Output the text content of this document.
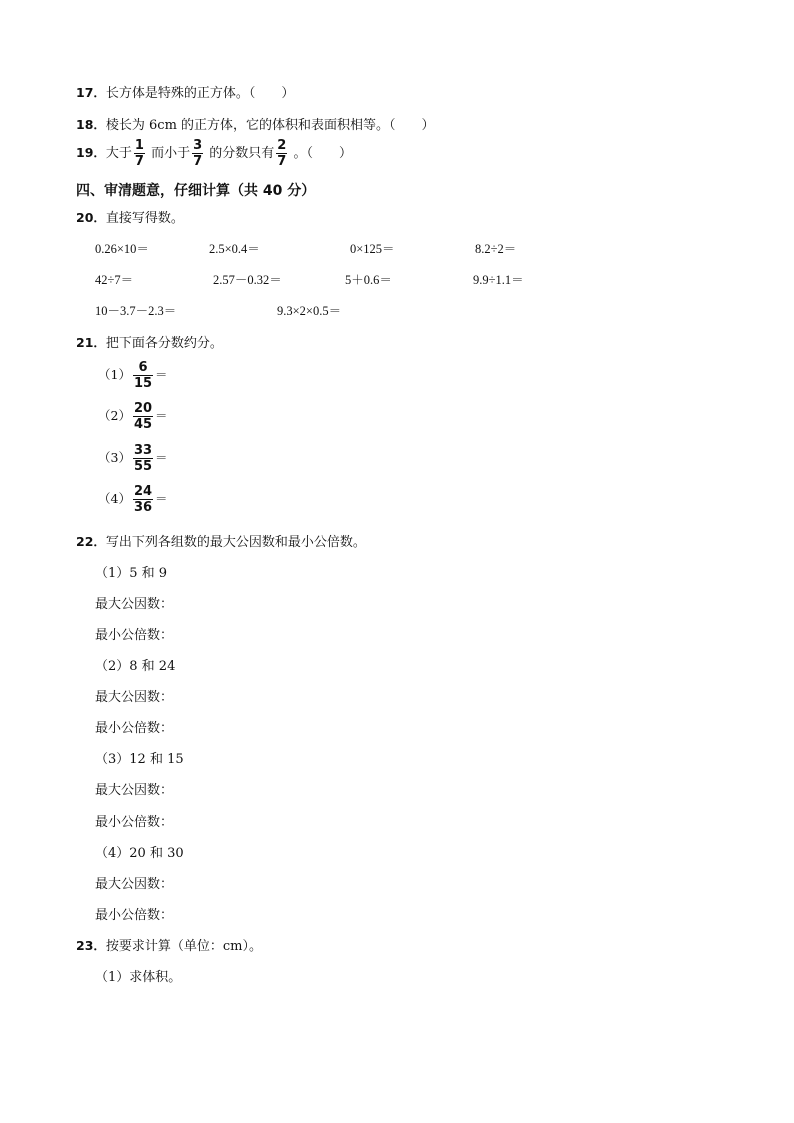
17．长方体是特殊的正方体。（　　）
18．棱长为 6cm 的正方体，它的体积和表面积相等。（　　）
19．大于 $\frac{1}{7}$ 而小于 $\frac{3}{7}$ 的分数只有 $\frac{2}{7}$ 。（　　）
四、审清题意，仔细计算（共 40 分）
20．直接写得数。
0.26×10＝	2.5×0.4＝	0×125＝	8.2÷2＝
42÷7＝	2.57－0.32＝	5＋0.6＝	9.9÷1.1＝
10－3.7－2.3＝	9.3×2×0.5＝
21．把下面各分数约分。
$(1) \frac{6}{15}$ ＝
$(2) \frac{20}{45}$ ＝
$(3) \frac{33}{55}$ ＝
$(4) \frac{24}{36}$ ＝
22．写出下列各组数的最大公因数和最小公倍数。
（1）5 和 9
最大公因数：
最小公倍数：
（2）8 和 24
最大公因数：
最小公倍数：
（3）12 和 15
最大公因数：
最小公倍数：
（4）20 和 30
最大公因数：
最小公倍数：
23．按要求计算（单位：cm）。
（1）求体积。
